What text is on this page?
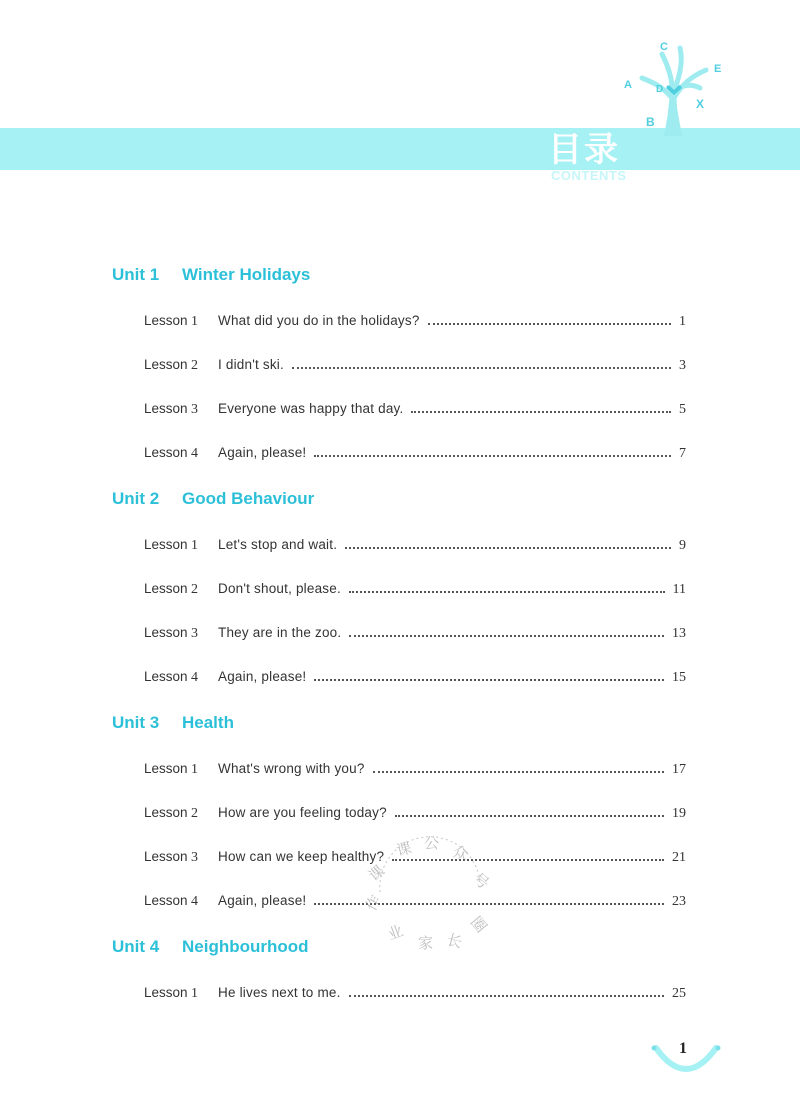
C
A D
E
X
B
目录
CONTENTS
Unit 1 Winter Holidays
Lesson 1	What did you do in the holidays?	1
Lesson 2	I didn't ski.	3
Lesson 3	Everyone was happy that day.	5
Lesson 4	Again, please!	7
Unit 2 Good Behaviour
Lesson 1	Let's stop and wait.	9
Lesson 2	Don't shout, please.	11
Lesson 3	They are in the zoo.	13
Lesson 4	Again, please!	15
Unit 3 Health
Lesson 1	What's wrong with you?	17
Lesson 2	How are you feeling today?	19
Lesson 3	How can we keep healthy?	21
Lesson 4	Again, please!	23
Unit 4 Neighbourhood
Lesson 1	He lives next to me.	25
课
课 公 众
号
作
业 家 长
圈
1
